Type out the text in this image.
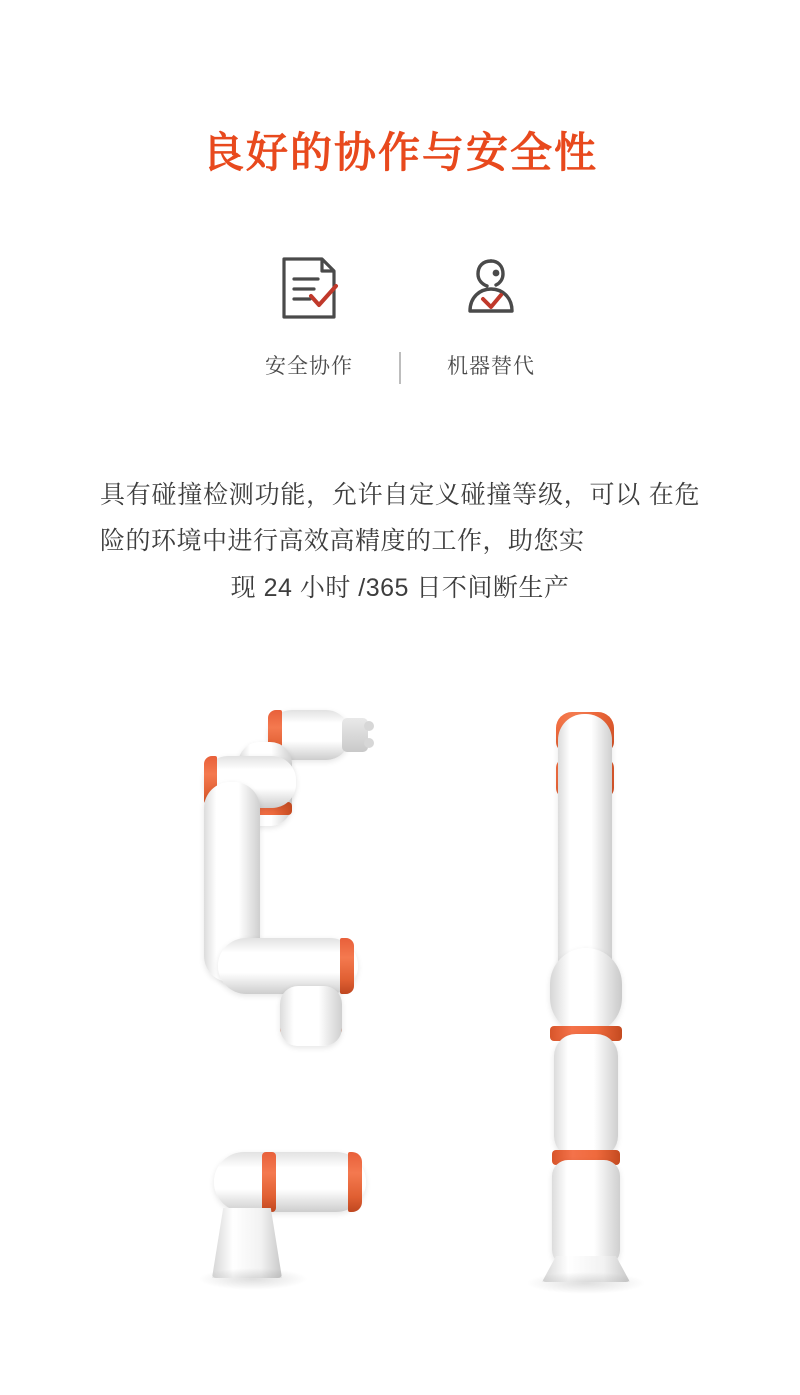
良好的协作与安全性
安全协作	机器替代
具有碰撞检测功能，允许自定义碰撞等级，可以 在危险的环境中进行高效高精度的工作，助您实
现 24 小时 /365 日不间断生产
